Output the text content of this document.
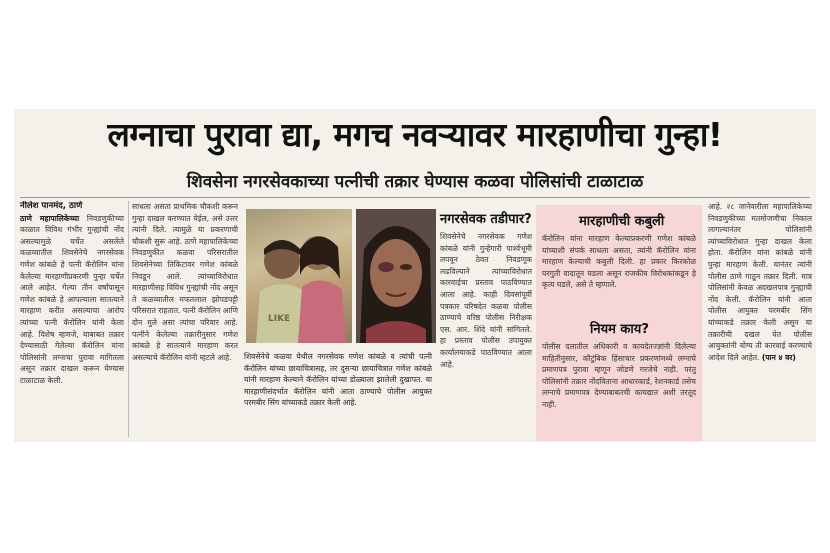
लग्नाचा पुरावा द्या, मगच नवऱ्यावर मारहाणीचा गुन्हा!
शिवसेना नगरसेवकाच्या पत्नीची तक्रार घेण्यास कळवा पोलिसांची टाळाटाळ

नीलेश पानमंद, ठाणे

ठाणे महापालिकेच्या निवडणुकीच्या काळात विविध गंभीर गुन्ह्यांची नोंद असल्यामुळे चर्चेत असलेले कळव्यातील शिवसेनेचे नगरसेवक गणेश कांबळे हे पत्नी कॅरोलिन यांना केलेल्या मारहाणीप्रकरणी पुन्हा चर्चेत आले आहेत. गेल्या तीन वर्षांपासून गणेश कांबळे हे आपल्याला सातत्याने मारहाण करीत असल्याचा आरोप त्यांच्या पत्नी कॅरोलिन यांनी केला आहे. विशेष म्हणजे, याबाबत तक्रार देण्यासाठी गेलेल्या कॅरोलिन यांना पोलिसांनी लग्नाचा पुरावा मागितला असून तक्रार दाखल करून घेण्यास टाळाटाळ केली.

साधला असता प्राथमिक चौकशी करून गुन्हा दाखल करण्यात येईल, असे उत्तर त्यांनी दिले. त्यामुळे या प्रकरणाची चौकशी सुरू आहे. ठाणे महापालिकेच्या निवडणुकीत कळवा परिसरातील शिवसेनेच्या तिकिटावर गणेश कांबळे निवडून आले. त्यांच्याविरोधात मारहाणीसह विविध गुन्ह्यांची नोंद असून ते कळव्यातील मफतलाल झोपडपट्टी परिसरात राहतात. पत्नी कॅरोलिन आणि दोन मुले असा त्यांचा परिवार आहे. पत्नीने केलेल्या तक्रारीनुसार गणेश कांबळे हे सातत्याने मारहाण करत असल्याचे कॅरोलिन यांनी म्हटले आहे.

LIKE
शिवसेनेचे कळवा येथील नगरसेवक गणेश कांबळे व त्यांची पत्नी कॅरोलिन यांच्या छायाचित्रासह, तर दुसऱ्या छायाचित्रात गणेश कांबळे यांनी मारहाण केल्याने कॅरोलिन यांच्या डोळ्याला झालेली दुखापत. या मारहाणीसंदर्भात कॅरोलिन यांनी आता ठाण्याचे पोलीस आयुक्त परमबीर सिंग यांच्याकडे तक्रार केली आहे.
नगरसेवक तडीपार?
शिवसेनेचे नगरसेवक गणेश कांबळे यांनी गुन्हेगारी पार्श्वभूमी लपवून ठेवत निवडणूक लढविल्याने त्यांच्याविरोधात कारवाईचा प्रस्ताव पाठविण्यात आला आहे. काही दिवसांपूर्वी पत्रकार परिषदेत कळवा पोलीस ठाण्याचे वरिष्ठ पोलीस निरीक्षक एस. आर. शिंदे यांनी सांगितले. हा प्रस्ताव पोलीस उपायुक्त कार्यालयाकडे पाठविण्यात आला आहे.
मारहाणीची कबुली
कॅरोलिन यांना मारहाण केल्याप्रकरणी गणेश कांबळे यांच्याशी संपर्क साधला असता, त्यांनी कॅरोलिन यांना मारहाण केल्याची कबुली दिली. हा प्रकार किरकोळ घरगुती वादातून घडला असून राजकीय विरोधकांकडून हे कृत्य घडले, असे ते म्हणाले.
नियम काय?
पोलीस दलातील अधिकारी व कायदेतज्ज्ञांनी दिलेल्या माहितीनुसार, कौटुंबिक हिंसाचार प्रकरणांमध्ये लग्नाचे प्रमाणपत्र पुरावा म्हणून जोडणे गरजेचे नाही. परंतु पोलिसांनी तक्रार नोंदविताना आधारकार्ड, रेशनकार्ड तसेच लग्नाचे प्रमाणपत्र देण्याबाबतची कायद्यात अशी तरतूद नाही.

आहे. २८ जानेवारीला महापालिकेच्या निवडणुकीच्या मतमोजणीचा निकाल लागल्यानंतर पोलिसांनी त्यांच्याविरोधात गुन्हा दाखल केला होता. कॅरोलिन यांना कांबळे यांनी पुन्हा मारहाण केली. यानंतर त्यांनी पोलीस ठाणे गाठून तक्रार दिली. मात्र पोलिसांनी केवळ अदखलपात्र गुन्ह्याची नोंद केली. कॅरोलिन यांनी आता पोलीस आयुक्त परमबीर सिंग यांच्याकडे तक्रार केली असून या तक्रारीची दखल घेत पोलीस आयुक्तांनी योग्य ती कारवाई करण्याचे आदेश दिले आहेत. (पान ४ वर)
